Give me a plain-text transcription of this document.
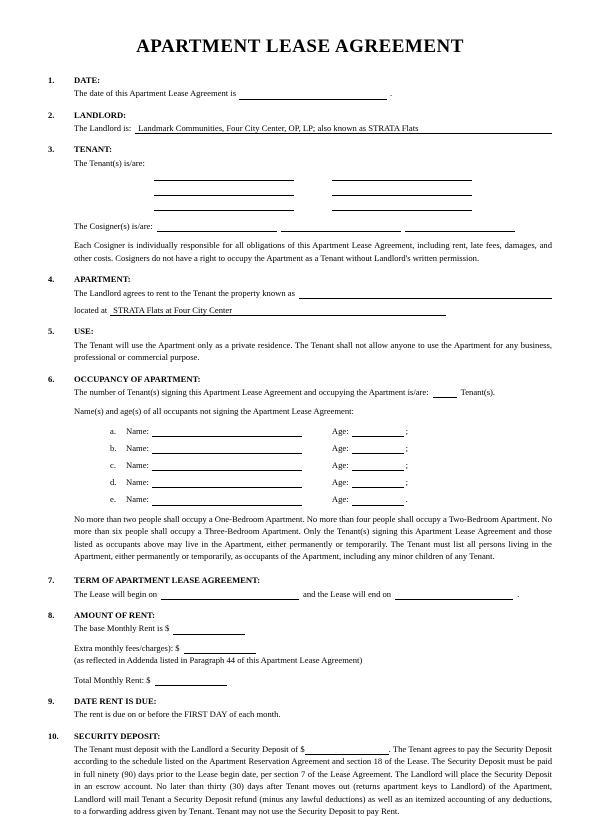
APARTMENT LEASE AGREEMENT
1.	DATE:
The date of this Apartment Lease Agreement is	.
2.	LANDLORD:
The Landlord is: Landmark Communities, Four City Center, OP, LP; also known as STRATA Flats
3.	TENANT:
The Tenant(s) is/are:
The Cosigner(s) is/are:
Each Cosigner is individually responsible for all obligations of this Apartment Lease Agreement, including rent, late fees, damages, and other costs. Cosigners do not have a right to occupy the Apartment as a Tenant without Landlord's written permission.
4.	APARTMENT:
The Landlord agrees to rent to the Tenant the property known as
located at STRATA Flats at Four City Center
5.	USE:
The Tenant will use the Apartment only as a private residence. The Tenant shall not allow anyone to use the Apartment for any business, professional or commercial purpose.
6.	OCCUPANCY OF APARTMENT:
The number of Tenant(s) signing this Apartment Lease Agreement and occupying the Apartment is/are:	Tenant(s).
Name(s) and age(s) of all occupants not signing the Apartment Lease Agreement:
a.	Name:	Age:	;
b.	Name:	Age:	;
c.	Name:	Age:	;
d.	Name:	Age:	;
e.	Name:	Age:	.
No more than two people shall occupy a One-Bedroom Apartment. No more than four people shall occupy a Two-Bedroom Apartment. No more than six people shall occupy a Three-Bedroom Apartment. Only the Tenant(s) signing this Apartment Lease Agreement and those listed as occupants above may live in the Apartment, either permanently or temporarily. The Tenant must list all persons living in the Apartment, either permanently or temporarily, as occupants of the Apartment, including any minor children of any Tenant.
7.	TERM OF APARTMENT LEASE AGREEMENT:
The Lease will begin on	and the Lease will end on	.
8.	AMOUNT OF RENT:
The base Monthly Rent is $
Extra monthly fees/charges): $
(as reflected in Addenda listed in Paragraph 44 of this Apartment Lease Agreement)
Total Monthly Rent: $
9.	DATE RENT IS DUE:
The rent is due on or before the FIRST DAY of each month.
10.	SECURITY DEPOSIT:
The Tenant must deposit with the Landlord a Security Deposit of $	. The Tenant agrees to pay the Security Deposit according to the schedule listed on the Apartment Reservation Agreement and section 18 of the Lease. The Security Deposit must be paid in full ninety (90) days prior to the Lease begin date, per section 7 of the Lease Agreement. The Landlord will place the Security Deposit in an escrow account. No later than thirty (30) days after Tenant moves out (returns apartment keys to Landlord) of the Apartment, Landlord will mail Tenant a Security Deposit refund (minus any lawful deductions) as well as an itemized accounting of any deductions, to a forwarding address given by Tenant. Tenant may not use the Security Deposit to pay Rent.
